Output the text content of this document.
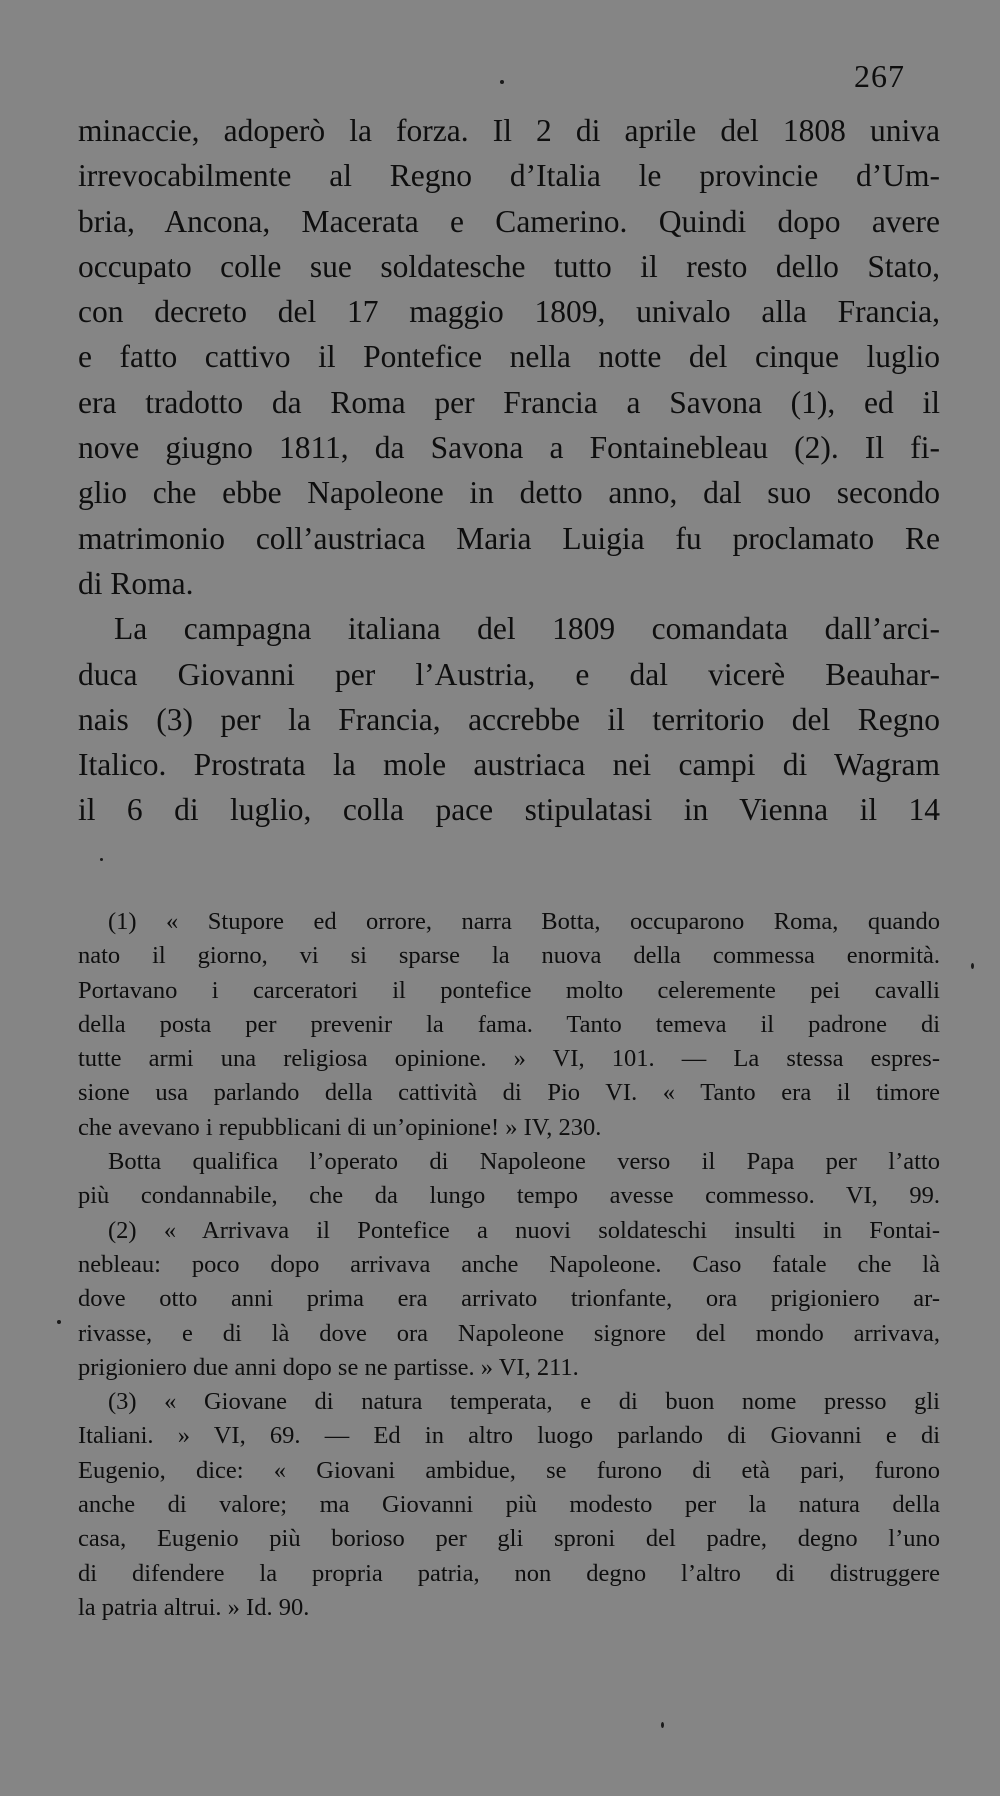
267
minaccie, adoperò la forza. Il 2 di aprile del 1808 univa
irrevocabilmente al Regno d’Italia le provincie d’Um-
bria, Ancona, Macerata e Camerino. Quindi dopo avere
occupato colle sue soldatesche tutto il resto dello Stato,
con decreto del 17 maggio 1809, univalo alla Francia,
e fatto cattivo il Pontefice nella notte del cinque luglio
era tradotto da Roma per Francia a Savona (1), ed il
nove giugno 1811, da Savona a Fontainebleau (2). Il fi-
glio che ebbe Napoleone in detto anno, dal suo secondo
matrimonio coll’austriaca Maria Luigia fu proclamato Re
di Roma.
La campagna italiana del 1809 comandata dall’arci-
duca Giovanni per l’Austria, e dal vicerè Beauhar-
nais (3) per la Francia, accrebbe il territorio del Regno
Italico. Prostrata la mole austriaca nei campi di Wagram
il 6 di luglio, colla pace stipulatasi in Vienna il 14
(1) « Stupore ed orrore, narra Botta, occuparono Roma, quando
nato il giorno, vi si sparse la nuova della commessa enormità.
Portavano i carceratori il pontefice molto celeremente pei cavalli
della posta per prevenir la fama. Tanto temeva il padrone di
tutte armi una religiosa opinione. » VI, 101. — La stessa espres-
sione usa parlando della cattività di Pio VI. « Tanto era il timore
che avevano i repubblicani di un’opinione! » IV, 230.
Botta qualifica l’operato di Napoleone verso il Papa per l’atto
più condannabile, che da lungo tempo avesse commesso. VI, 99.
(2) « Arrivava il Pontefice a nuovi soldateschi insulti in Fontai-
nebleau: poco dopo arrivava anche Napoleone. Caso fatale che là
dove otto anni prima era arrivato trionfante, ora prigioniero ar-
rivasse, e di là dove ora Napoleone signore del mondo arrivava,
prigioniero due anni dopo se ne partisse. » VI, 211.
(3) « Giovane di natura temperata, e di buon nome presso gli
Italiani. » VI, 69. — Ed in altro luogo parlando di Giovanni e di
Eugenio, dice: « Giovani ambidue, se furono di età pari, furono
anche di valore; ma Giovanni più modesto per la natura della
casa, Eugenio più borioso per gli sproni del padre, degno l’uno
di difendere la propria patria, non degno l’altro di distruggere
la patria altrui. » Id. 90.
